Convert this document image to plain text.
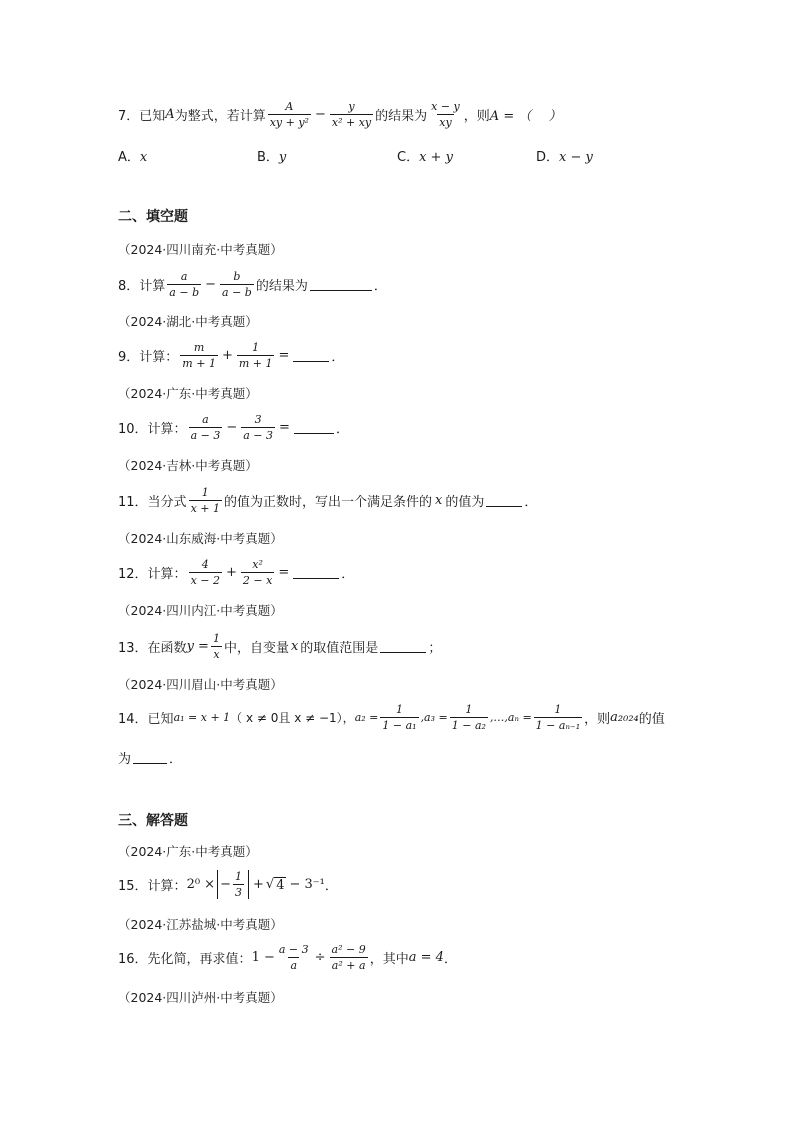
7． 已知 A 为整式，若计算 $\frac{A}{\text{xy + y²}} - \frac{y}{\text{x² + xy}}$ 的结果为 $\frac{x - y}{xy}$ ，则 A = （　 ）
A．x	B．y	C．x + y	D．x − y
二、填空题
（2024·四川南充·中考真题）
8． 计算 $\frac{a}{a - b} - \frac{b}{a - b}$ 的结果为	．
（2024·湖北·中考真题）
9． 计算： $\frac{m}{m + 1} + \frac{1}{m + 1}$ =	．
（2024·广东·中考真题）
10． 计算： $\frac{a}{a - 3} - \frac{3}{a - 3}$ =	．
（2024·吉林·中考真题）
11． 当分式 $\frac{1}{x + 1}$ 的值为正数时，写出一个满足条件的 x 的值为	．
（2024·山东威海·中考真题）
12． 计算： $\frac{4}{x - 2} + \frac{\text{x²}}{2 - x}$ =	．
（2024·四川内江·中考真题）
13． 在函数 $y = \frac{1}{x}$ 中，自变量 x 的取值范围是	；
（2024·四川眉山·中考真题）
14． 已知 a₁ = x + 1 （ x ≠ 0且 x ≠ −1）， $a_2 = \frac{1}{\text{1 − a₁}} ,a_3 = \frac{1}{\text{1 − a₂}}$ ,…,aₙ = $\frac{1}{\text{1 − aₙ₋₁}}$ ，则 a₂₀₂₄ 的值
为	．
三、解答题
（2024·广东·中考真题）
15． 计算： 2⁰ × − $\frac{1}{3}$ + √ 4 − 3⁻¹ ．
（2024·江苏盐城·中考真题）
16． 先化简，再求值： $1 - \frac{a - 3}{a} \div \frac{\text{a² − 9}}{\text{a² + a}}$ ，其中 a = 4 ．
（2024·四川泸州·中考真题）
